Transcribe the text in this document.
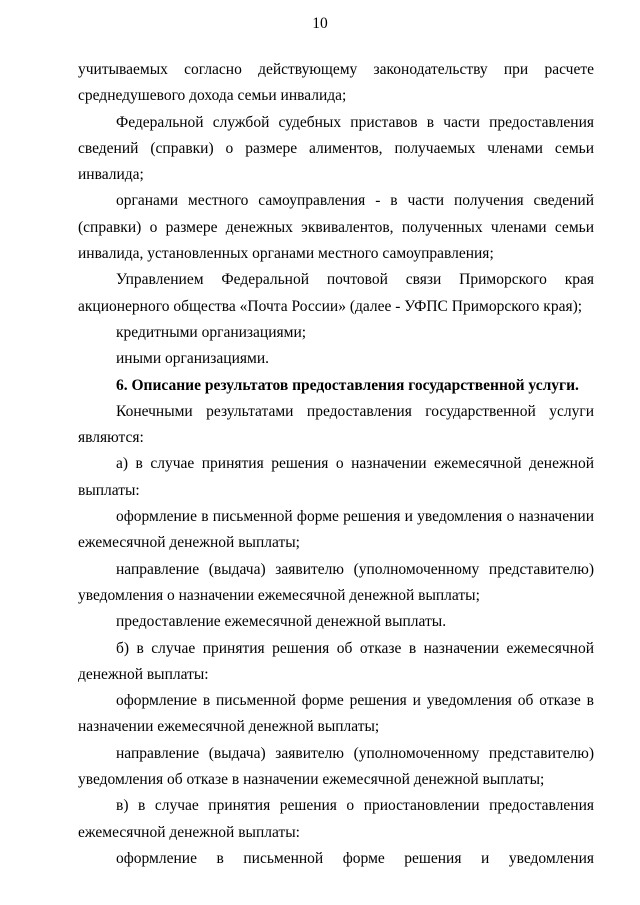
10

учитываемых согласно действующему законодательству при расчете среднедушевого дохода семьи инвалида;

Федеральной службой судебных приставов в части предоставления сведений (справки) о размере алиментов, получаемых членами семьи инвалида;

органами местного самоуправления - в части получения сведений (справки) о размере денежных эквивалентов, полученных членами семьи инвалида, установленных органами местного самоуправления;

Управлением Федеральной почтовой связи Приморского края акционерного общества «Почта России» (далее - УФПС Приморского края);

кредитными организациями;

иными организациями.

6. Описание результатов предоставления государственной услуги.

Конечными результатами предоставления государственной услуги являются:

а) в случае принятия решения о назначении ежемесячной денежной выплаты:

оформление в письменной форме решения и уведомления о назначении ежемесячной денежной выплаты;

направление (выдача) заявителю (уполномоченному представителю) уведомления о назначении ежемесячной денежной выплаты;

предоставление ежемесячной денежной выплаты.

б) в случае принятия решения об отказе в назначении ежемесячной денежной выплаты:

оформление в письменной форме решения и уведомления об отказе в назначении ежемесячной денежной выплаты;

направление (выдача) заявителю (уполномоченному представителю) уведомления об отказе в назначении ежемесячной денежной выплаты;

в) в случае принятия решения о приостановлении предоставления ежемесячной денежной выплаты:

оформление в письменной форме решения и уведомления
